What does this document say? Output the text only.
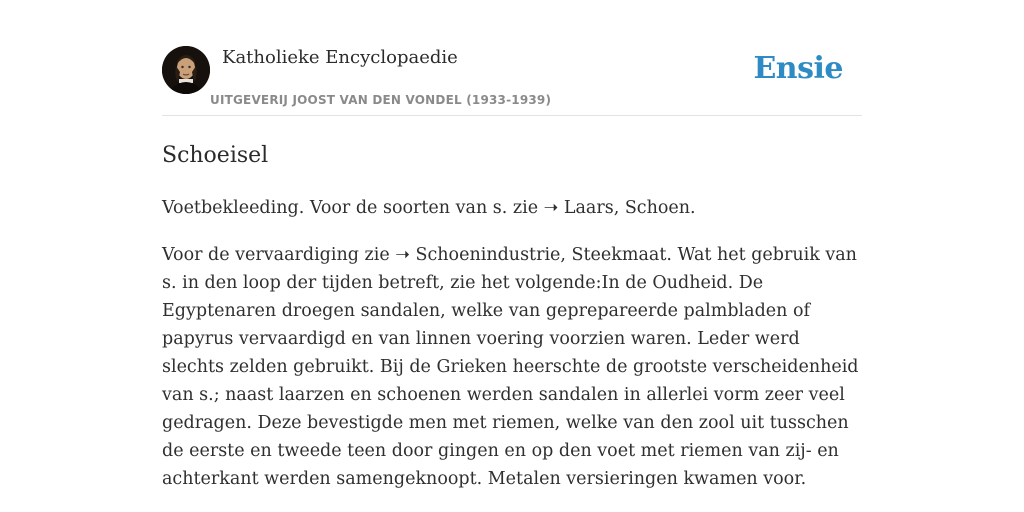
Katholieke Encyclopaedie
UITGEVERIJ JOOST VAN DEN VONDEL (1933-1939)
Ensie
Schoeisel

Voetbekleeding. Voor de soorten van s. zie ➝ Laars, Schoen.

Voor de vervaardiging zie ➝ Schoenindustrie, Steekmaat. Wat het gebruik van s. in den loop der tijden betreft, zie het volgende:In de Oudheid. De Egyptenaren droegen sandalen, welke van geprepareerde palmbladen of papyrus vervaardigd en van linnen voering voorzien waren. Leder werd slechts zelden gebruikt. Bij de Grieken heerschte de grootste verscheidenheid van s.; naast laarzen en schoenen werden sandalen in allerlei vorm zeer veel gedragen. Deze bevestigde men met riemen, welke van den zool uit tusschen de eerste en tweede teen door gingen en op den voet met riemen van zij- en achterkant werden samengeknoopt. Metalen versieringen kwamen voor.
